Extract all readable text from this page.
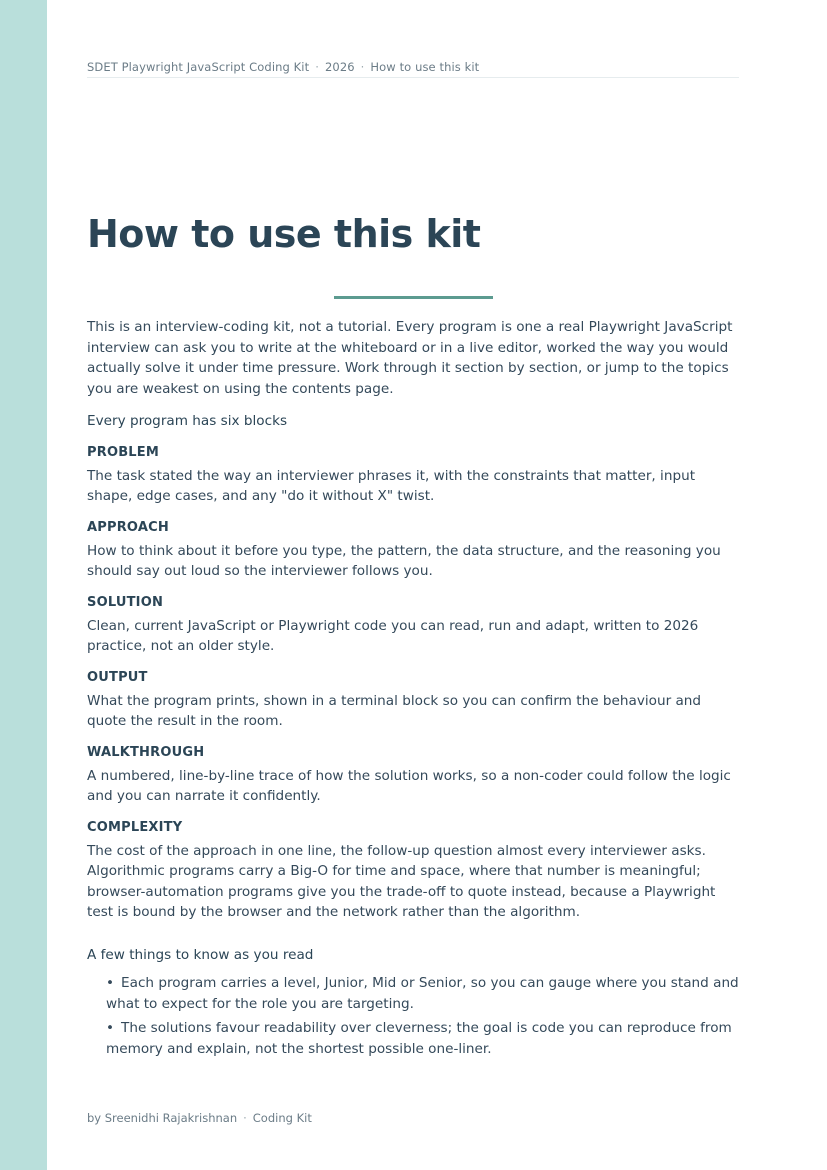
SDET Playwright JavaScript Coding Kit · 2026 · How to use this kit
How to use this kit

This is an interview-coding kit, not a tutorial. Every program is one a real Playwright JavaScript interview can ask you to write at the whiteboard or in a live editor, worked the way you would actually solve it under time pressure. Work through it section by section, or jump to the topics you are weakest on using the contents page.

Every program has six blocks
PROBLEM

The task stated the way an interviewer phrases it, with the constraints that matter, input shape, edge cases, and any "do it without X" twist.

APPROACH

How to think about it before you type, the pattern, the data structure, and the reasoning you should say out loud so the interviewer follows you.

SOLUTION

Clean, current JavaScript or Playwright code you can read, run and adapt, written to 2026 practice, not an older style.

OUTPUT

What the program prints, shown in a terminal block so you can confirm the behaviour and quote the result in the room.

WALKTHROUGH

A numbered, line-by-line trace of how the solution works, so a non-coder could follow the logic and you can narrate it confidently.

COMPLEXITY

The cost of the approach in one line, the follow-up question almost every interviewer asks. Algorithmic programs carry a Big-O for time and space, where that number is meaningful; browser-automation programs give you the trade-off to quote instead, because a Playwright test is bound by the browser and the network rather than the algorithm.

A few things to know as you read
• Each program carries a level, Junior, Mid or Senior, so you can gauge where you stand and what to expect for the role you are targeting.
• The solutions favour readability over cleverness; the goal is code you can reproduce from memory and explain, not the shortest possible one-liner.
by Sreenidhi Rajakrishnan · Coding Kit
